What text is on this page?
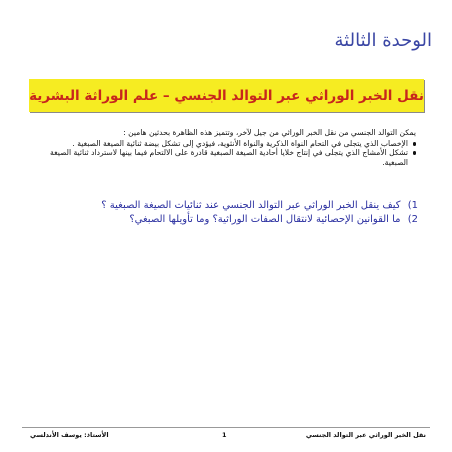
الوحدة الثالثة
نقل الخبر الوراثي عبر التوالد الجنسي – علم الوراثة البشرية
يمكن التوالد الجنسي من نقل الخبر الوراثي من جيل لآخر، وتتميز هذه الظاهرة بحدثين هامين :
الإخصاب الذي يتجلى في التحام النواة الذكرية والنواة الأنثوية، فيؤدي إلى تشكل بيضة ثنائية الصيغة الصبغية .
تشكل الأمشاج الذي يتجلى في إنتاج خلايا أحادية الصيغة الصبغية قادرة على الالتحام فيما بينها لاسترداد ثنائية الصيغة الصبغية.
1) كيف ينقل الخبر الوراثي عبر التوالد الجنسي عند ثنائيات الصيغة الصبغية ؟
2) ما القوانين الإحصائية لانتقال الصفات الوراثية؟ وما تأويلها الصبغي؟
نقل الخبر الوراثي عبر التوالد الجنسي
1
الأستاذ: يوسف الأندلسي
